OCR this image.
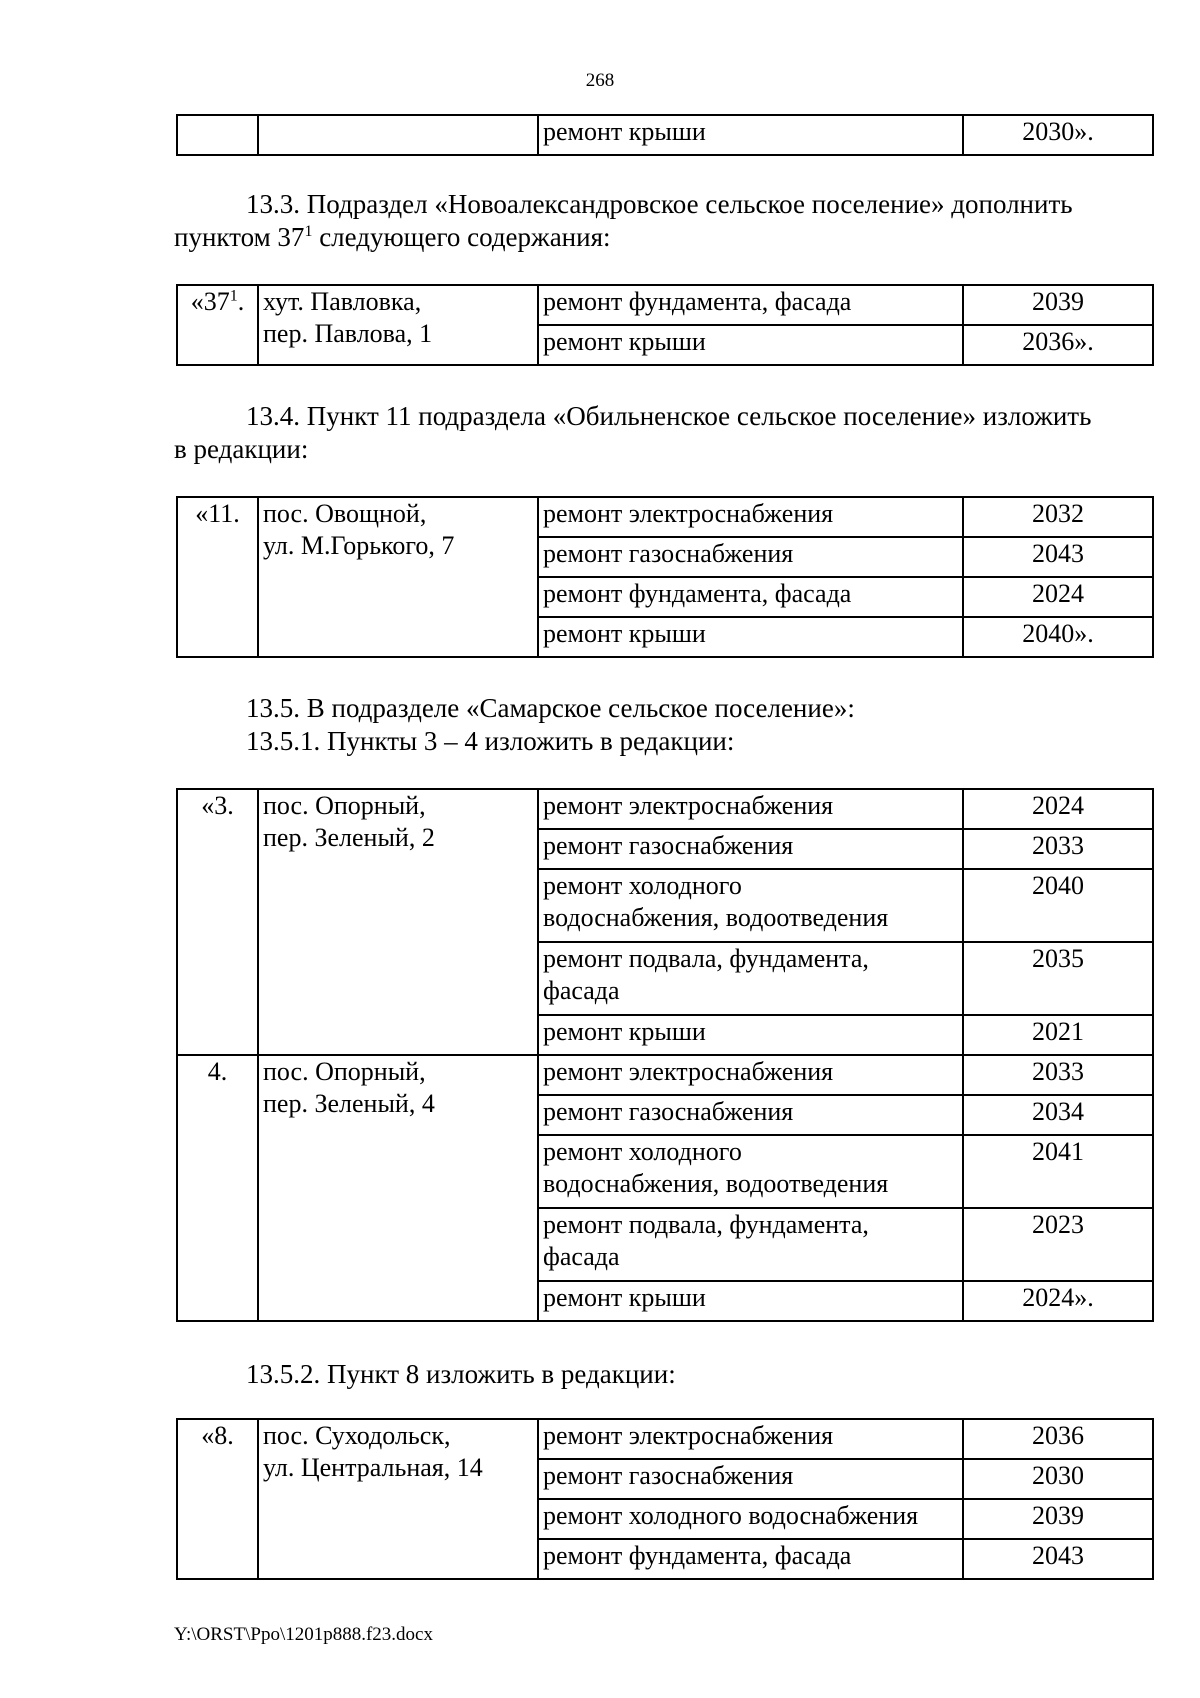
268
		ремонт крыши	2030».
13.3. Подраздел «Новоалександровское сельское поселение» дополнить
пунктом $37^1$ следующего содержания:
«$37^1$.	хут. Павловка,
пер. Павлова, 1	ремонт фундамента, фасада	2039
		ремонт крыши	2036».
13.4. Пункт 11 подраздела «Обильненское сельское поселение» изложить
в редакции:
«11.	пос. Овощной,
ул. М.Горького, 7	ремонт электроснабжения	2032
		ремонт газоснабжения	2043
		ремонт фундамента, фасада	2024
		ремонт крыши	2040».
13.5. В подразделе «Самарское сельское поселение»:
13.5.1. Пункты 3 – 4 изложить в редакции:
«3.	пос. Опорный,
пер. Зеленый, 2	ремонт электроснабжения	2024
		ремонт газоснабжения	2033

		ремонт холодного
водоснабжения, водоотведения	2040

		ремонт подвала, фундамента,
фасада	2035
		ремонт крыши	2021
4.	пос. Опорный,
пер. Зеленый, 4	ремонт электроснабжения	2033
		ремонт газоснабжения	2034

		ремонт холодного
водоснабжения, водоотведения	2041

		ремонт подвала, фундамента,
фасада	2023
		ремонт крыши	2024».
13.5.2. Пункт 8 изложить в редакции:
«8.	пос. Суходольск,
ул. Центральная, 14	ремонт электроснабжения	2036
		ремонт газоснабжения	2030
		ремонт холодного водоснабжения	2039
		ремонт фундамента, фасада	2043
Y:\ORST\Ppo\1201p888.f23.docx
